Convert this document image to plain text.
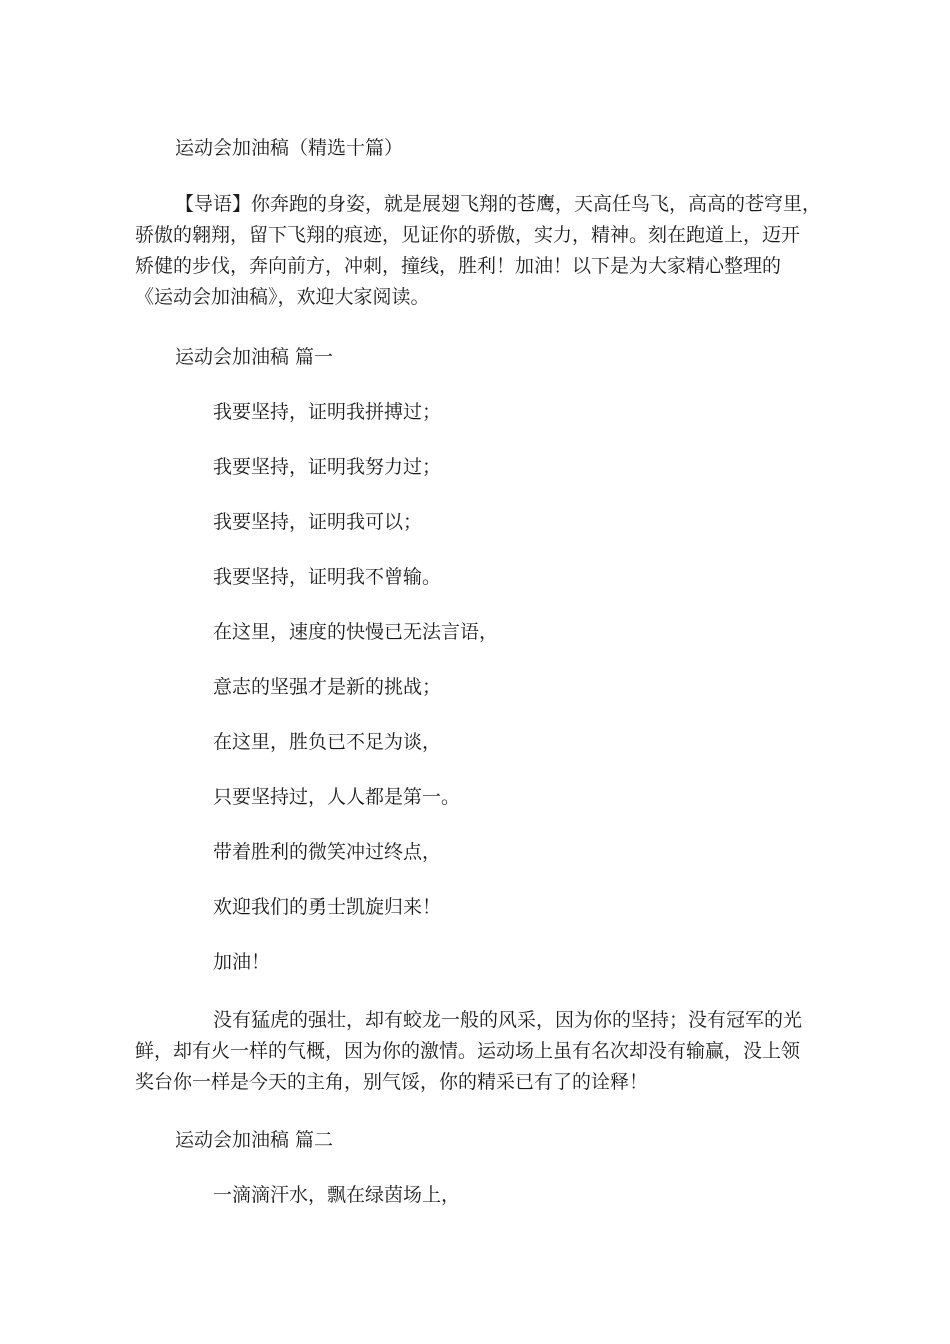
运动会加油稿（精选十篇）

【导语】你奔跑的身姿，就是展翅飞翔的苍鹰，天高任鸟飞，高高的苍穹里，

骄傲的翱翔，留下飞翔的痕迹，见证你的骄傲，实力，精神。刻在跑道上，迈开

矫健的步伐，奔向前方，冲刺，撞线，胜利！加油！以下是为大家精心整理的

《运动会加油稿》，欢迎大家阅读。

运动会加油稿 篇一
我要坚持，证明我拼搏过；
我要坚持，证明我努力过；
我要坚持，证明我可以；
我要坚持，证明我不曾输。
在这里，速度的快慢已无法言语，
意志的坚强才是新的挑战；
在这里，胜负已不足为谈，
只要坚持过，人人都是第一。
带着胜利的微笑冲过终点，
欢迎我们的勇士凯旋归来！
加油！

没有猛虎的强壮，却有蛟龙一般的风采，因为你的坚持；没有冠军的光

鲜，却有火一样的气概，因为你的激情。运动场上虽有名次却没有输赢，没上领

奖台你一样是今天的主角，别气馁，你的精采已有了的诠释！

运动会加油稿 篇二
一滴滴汗水，飘在绿茵场上，
